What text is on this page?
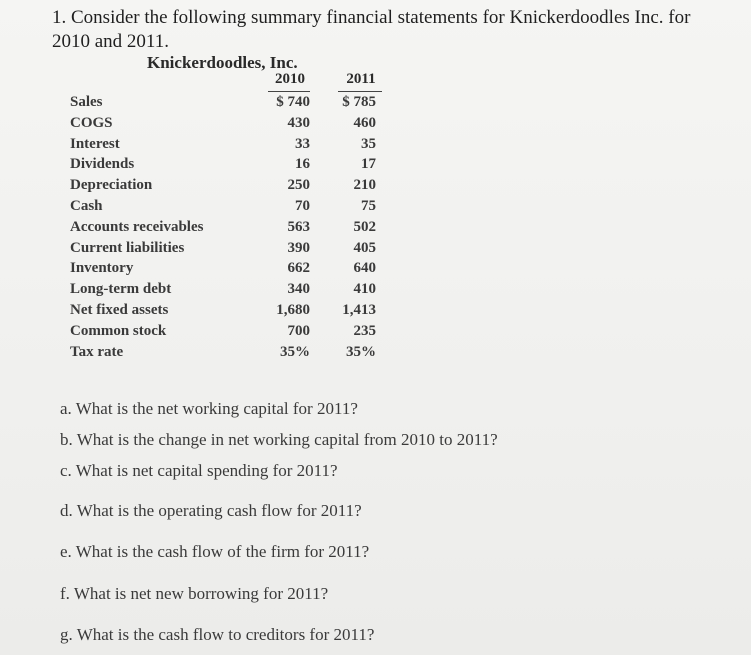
1. Consider the following summary financial statements for Knickerdoodles Inc. for
2010 and 2011.
Knickerdoodles, Inc.
2010	2011
Sales	$ 740 $ 785
COGS	430	460
Interest	33	35
Dividends	16	17
Depreciation	250	210
Cash	70	75
Accounts receivables	563	502
Current liabilities	390	405
Inventory	662	640
Long-term debt	340	410
Net fixed assets	1,680 1,413
Common stock	700	235
Tax rate	35% 35%
a. What is the net working capital for 2011?
b. What is the change in net working capital from 2010 to 2011?
c. What is net capital spending for 2011?
d. What is the operating cash flow for 2011?
e. What is the cash flow of the firm for 2011?
f. What is net new borrowing for 2011?
g. What is the cash flow to creditors for 2011?
